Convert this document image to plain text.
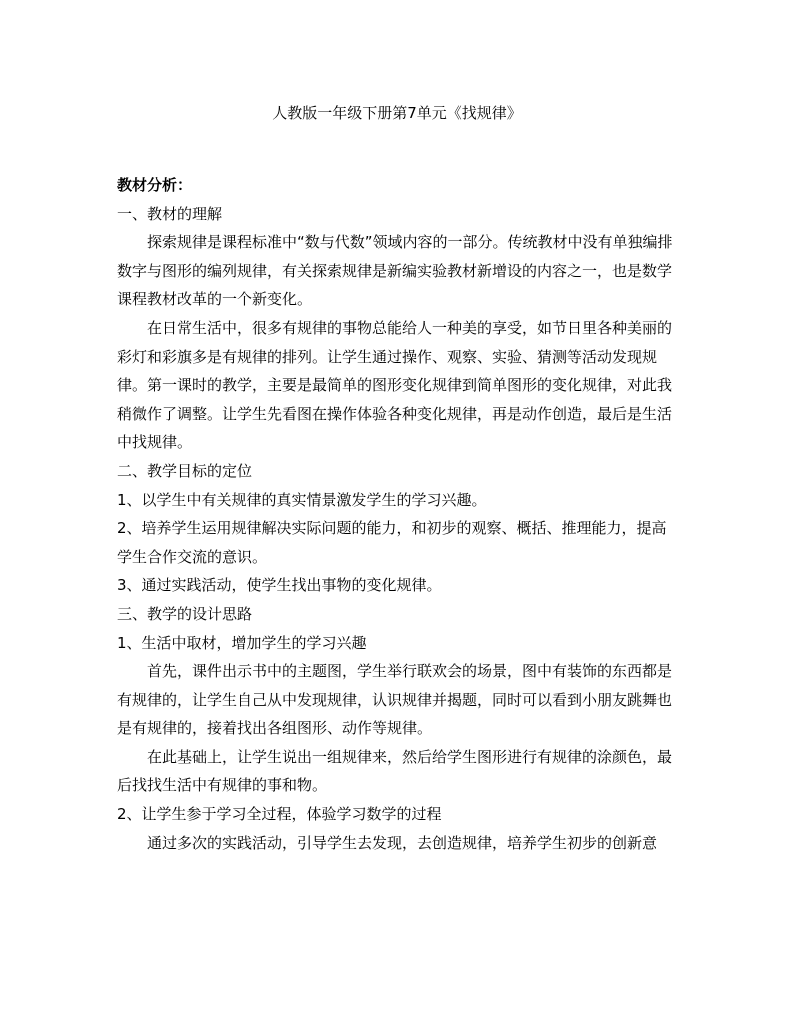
人教版一年级下册第7单元《找规律》

教材分析：

一、教材的理解

探索规律是课程标准中“数与代数”领域内容的一部分。传统教材中没有单独编排数字与图形的编列规律，有关探索规律是新编实验教材新增设的内容之一，也是数学课程教材改革的一个新变化。

在日常生活中，很多有规律的事物总能给人一种美的享受，如节日里各种美丽的彩灯和彩旗多是有规律的排列。让学生通过操作、观察、实验、猜测等活动发现规律。第一课时的教学，主要是最简单的图形变化规律到简单图形的变化规律，对此我稍微作了调整。让学生先看图在操作体验各种变化规律，再是动作创造，最后是生活中找规律。

二、教学目标的定位

1、以学生中有关规律的真实情景激发学生的学习兴趣。

2、培养学生运用规律解决实际问题的能力，和初步的观察、概括、推理能力，提高学生合作交流的意识。

3、通过实践活动，使学生找出事物的变化规律。

三、教学的设计思路

1、生活中取材，增加学生的学习兴趣

首先，课件出示书中的主题图，学生举行联欢会的场景，图中有装饰的东西都是有规律的，让学生自己从中发现规律，认识规律并揭题，同时可以看到小朋友跳舞也是有规律的，接着找出各组图形、动作等规律。

在此基础上，让学生说出一组规律来，然后给学生图形进行有规律的涂颜色，最后找找生活中有规律的事和物。

2、让学生参于学习全过程，体验学习数学的过程

通过多次的实践活动，引导学生去发现，去创造规律，培养学生初步的创新意
